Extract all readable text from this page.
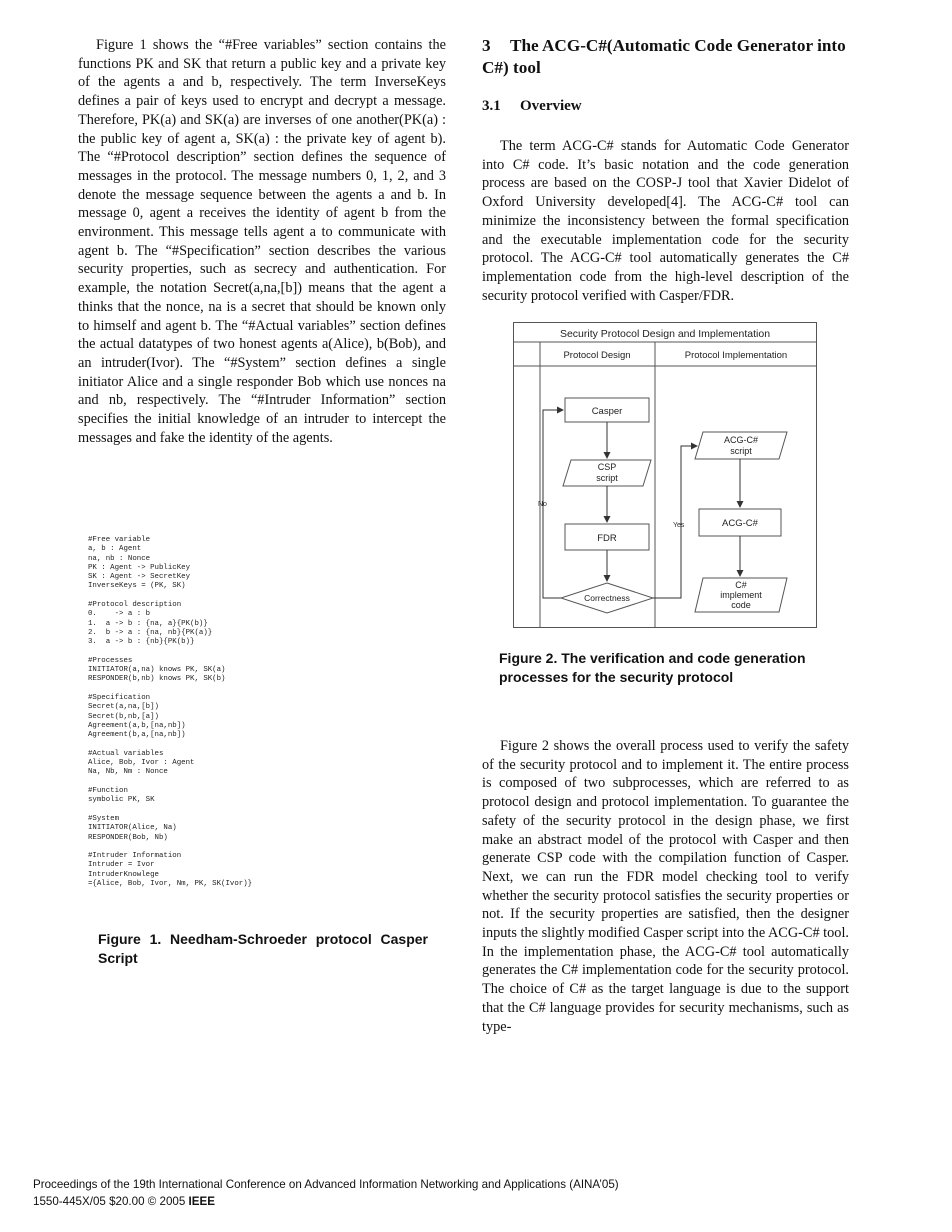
Figure 1 shows the “#Free variables” section contains the functions PK and SK that return a public key and a private key of the agents a and b, respectively. The term InverseKeys defines a pair of keys used to encrypt and decrypt a message. Therefore, PK(a) and SK(a) are inverses of one another(PK(a) : the public key of agent a, SK(a) : the private key of agent b). The “#Protocol description” section defines the sequence of messages in the protocol. The message numbers 0, 1, 2, and 3 denote the message sequence between the agents a and b. In message 0, agent a receives the identity of agent b from the environment. This message tells agent a to communicate with agent b. The “#Specification” section describes the various security properties, such as secrecy and authentication. For example, the notation Secret(a,na,[b]) means that the agent a thinks that the nonce, na is a secret that should be known only to himself and agent b. The “#Actual variables” section defines the actual datatypes of two honest agents a(Alice), b(Bob), and an intruder(Ivor). The “#System” section defines a single initiator Alice and a single responder Bob which use nonces na and nb, respectively. The “#Intruder Information” section specifies the initial knowledge of an intruder to intercept the messages and fake the identity of the agents.

#Free variable
a, b : Agent
na, nb : Nonce
PK : Agent -> PublicKey
SK : Agent -> SecretKey
InverseKeys = (PK, SK)
#Protocol description
0.    -> a : b
1.  a -> b : {na, a}{PK(b)}
2.  b -> a : {na, nb}{PK(a)}
3.  a -> b : {nb}{PK(b)}
#Processes
INITIATOR(a,na) knows PK, SK(a)
RESPONDER(b,nb) knows PK, SK(b)
#Specification
Secret(a,na,[b])
Secret(b,nb,[a])
Agreement(a,b,[na,nb])
Agreement(b,a,[na,nb])
#Actual variables
Alice, Bob, Ivor : Agent
Na, Nb, Nm : Nonce
#Function
symbolic PK, SK
#System
INITIATOR(Alice, Na)
RESPONDER(Bob, Nb)
#Intruder Information
Intruder = Ivor
IntruderKnowlege
={Alice, Bob, Ivor, Nm, PK, SK(Ivor)}
Figure 1. Needham-Schroeder protocol Casper Script
3 The ACG-C#(Automatic Code Generator into C#) tool
3.1 Overview

The term ACG-C# stands for Automatic Code Generator into C# code. It’s basic notation and the code generation process are based on the COSP-J tool that Xavier Didelot of Oxford University developed[4]. The ACG-C# tool can minimize the inconsistency between the formal specification and the executable implementation code for the security protocol. The ACG-C# tool automatically generates the C# implementation code from the high-level description of the security protocol verified with Casper/FDR.

Security Protocol Design and Implementation
Protocol Design	Protocol Implementation
Casper
CSP
script
FDR
Correctness
ACG-C#
script
ACG-C#
C#
implement
code
No
Yes
Figure 2. The verification and code generation processes for the security protocol

Figure 2 shows the overall process used to verify the safety of the security protocol and to implement it. The entire process is composed of two subprocesses, which are referred to as protocol design and protocol implementation. To guarantee the safety of the security protocol in the design phase, we first make an abstract model of the protocol with Casper and then generate CSP code with the compilation function of Casper. Next, we can run the FDR model checking tool to verify whether the security protocol satisfies the security properties or not. If the security properties are satisfied, then the designer inputs the slightly modified Casper script into the ACG-C# tool. In the implementation phase, the ACG-C# tool automatically generates the C# implementation code for the security protocol. The choice of C# as the target language is due to the support that the C# language provides for security mechanisms, such as type-

Proceedings of the 19th International Conference on Advanced Information Networking and Applications (AINA’05)
1550-445X/05 $20.00 © 2005 IEEE
